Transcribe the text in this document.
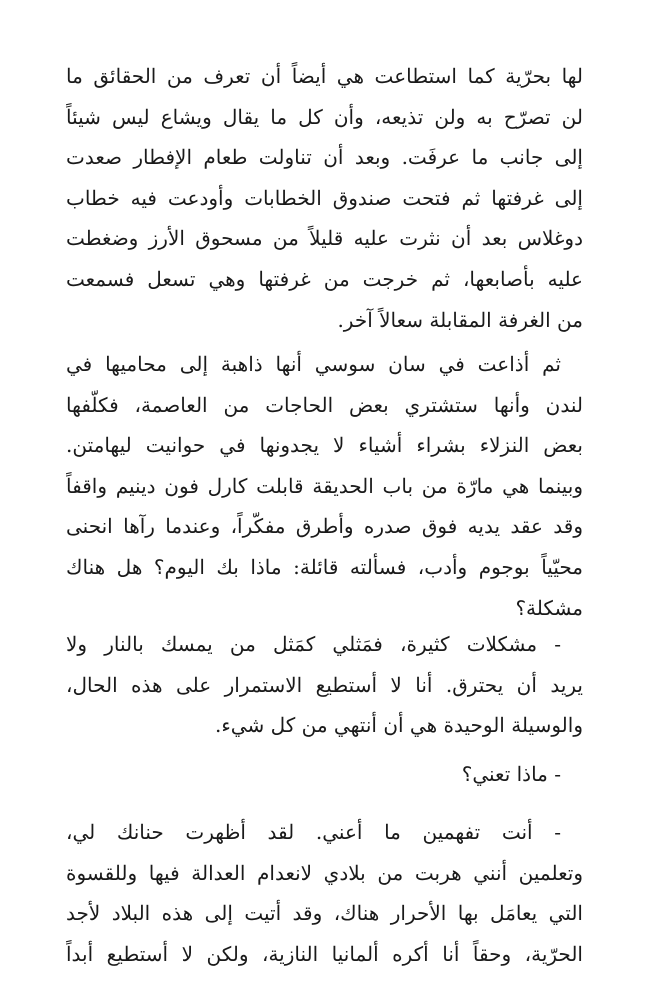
لها بحرّية كما استطاعت هي أيضاً أن تعرف من الحقائق ما
لن تصرّح به ولن تذيعه، وأن كل ما يقال ويشاع ليس شيئاً
إلى جانب ما عرفَت. وبعد أن تناولت طعام الإفطار صعدت
إلى غرفتها ثم فتحت صندوق الخطابات وأودعت فيه خطاب
دوغلاس بعد أن نثرت عليه قليلاً من مسحوق الأرز وضغطت
عليه بأصابعها، ثم خرجت من غرفتها وهي تسعل فسمعت
من الغرفة المقابلة سعالاً آخر.
ثم أذاعت في سان سوسي أنها ذاهبة إلى محاميها في
لندن وأنها ستشتري بعض الحاجات من العاصمة، فكلّفها
بعض النزلاء بشراء أشياء لا يجدونها في حوانيت ليهامتن.
وبينما هي مارّة من باب الحديقة قابلت كارل فون دينيم واقفاً
وقد عقد يديه فوق صدره وأطرق مفكّراً، وعندما رآها انحنى
محيّياً بوجوم وأدب، فسألته قائلة: ماذا بك اليوم؟ هل هناك
مشكلة؟
- مشكلات كثيرة، فمَثلي كمَثل من يمسك بالنار ولا
يريد أن يحترق. أنا لا أستطيع الاستمرار على هذه الحال،
والوسيلة الوحيدة هي أن أنتهي من كل شيء.
- ماذا تعني؟
- أنت تفهمين ما أعني. لقد أظهرت حنانك لي،
وتعلمين أنني هربت من بلادي لانعدام العدالة فيها وللقسوة
التي يعامَل بها الأحرار هناك، وقد أتيت إلى هذه البلاد لأجد
الحرّية، وحقاً أنا أكره ألمانيا النازية، ولكن لا أستطيع أبداً
